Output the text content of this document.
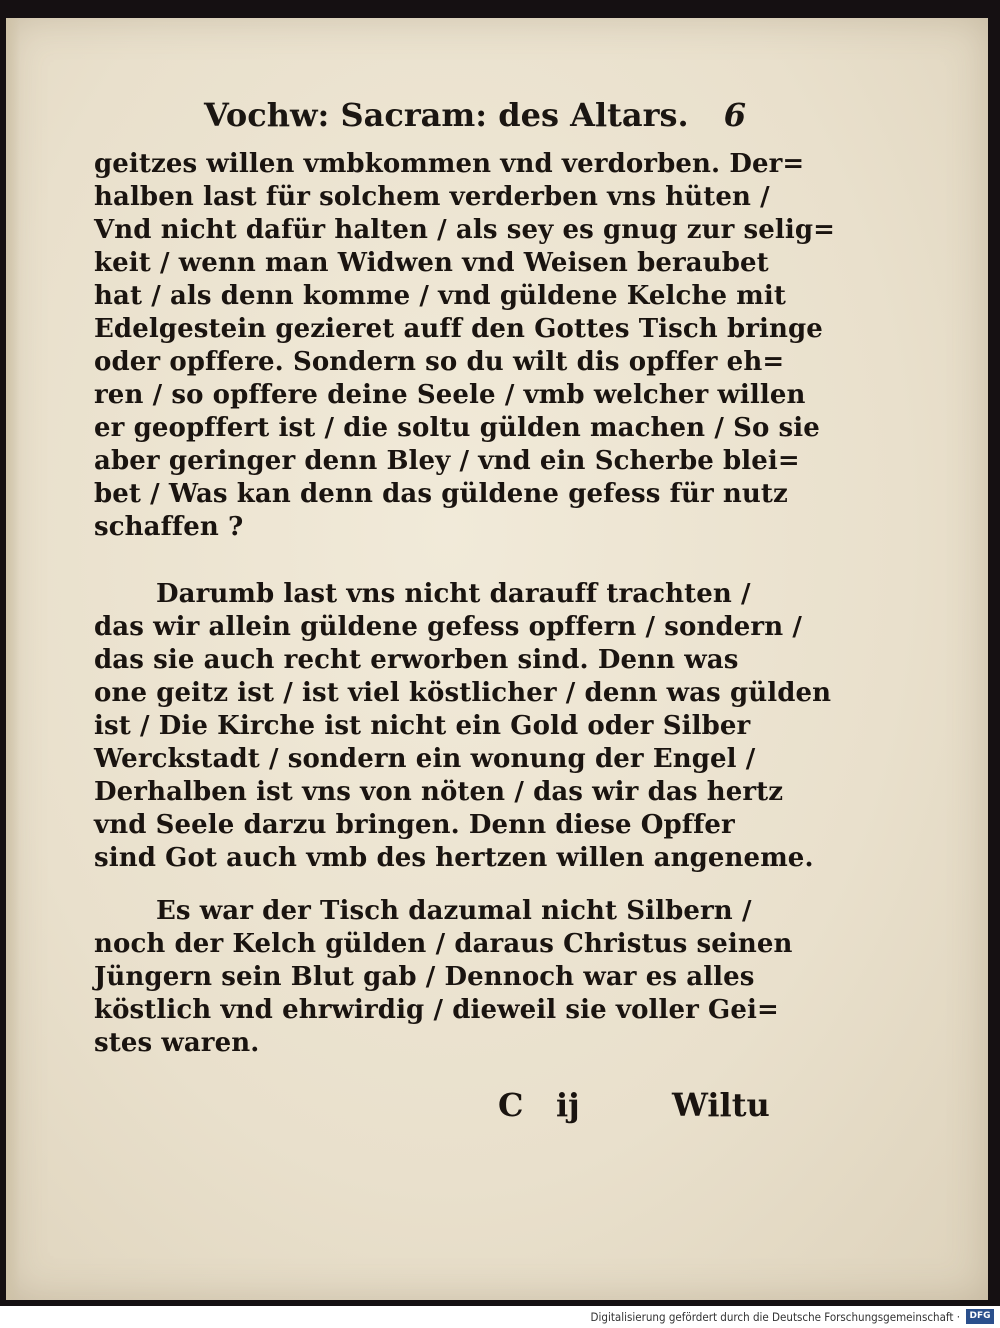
Vochw: Sacram: des Altars. 6
geitzes willen vmbkommen vnd verdorben. Der=
halben last für solchem verderben vns hüten /
Vnd nicht dafür halten / als sey es gnug zur selig=
keit / wenn man Widwen vnd Weisen beraubet
hat / als denn komme / vnd güldene Kelche mit
Edelgestein gezieret auff den Gottes Tisch bringe
oder opffere. Sondern so du wilt dis opffer eh=
ren / so opffere deine Seele / vmb welcher willen
er geopffert ist / die soltu gülden machen / So sie
aber geringer denn Bley / vnd ein Scherbe blei=
bet / Was kan denn das güldene gefess für nutz
schaffen ?
Darumb last vns nicht darauff trachten /
das wir allein güldene gefess opffern / sondern /
das sie auch recht erworben sind. Denn was
one geitz ist / ist viel köstlicher / denn was gülden
ist / Die Kirche ist nicht ein Gold oder Silber
Werckstadt / sondern ein wonung der Engel /
Derhalben ist vns von nöten / das wir das hertz
vnd Seele darzu bringen. Denn diese Opffer
sind Got auch vmb des hertzen willen angeneme.
Es war der Tisch dazumal nicht Silbern /
noch der Kelch gülden / daraus Christus seinen
Jüngern sein Blut gab / Dennoch war es alles
köstlich vnd ehrwirdig / dieweil sie voller Gei=
stes waren.
C ij	Wiltu
Digitalisierung gefördert durch die Deutsche Forschungsgemeinschaft ·	DFG
